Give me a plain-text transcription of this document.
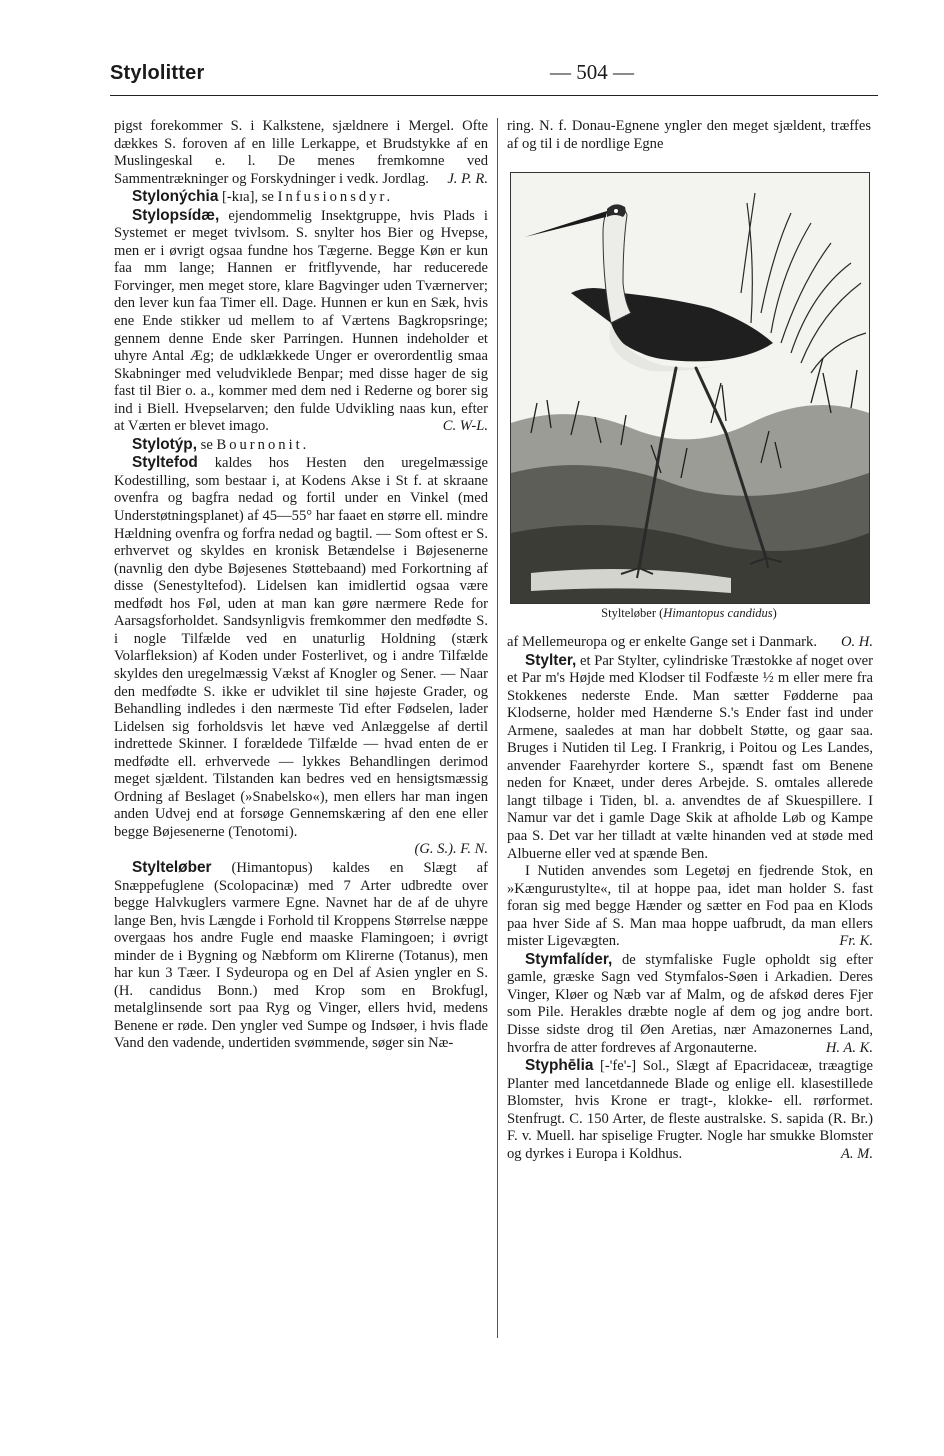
Stylolitter	— 504 —

pigst forekommer S. i Kalkstene, sjældnere i Mergel. Ofte dækkes S. foroven af en lille Lerkappe, et Brudstykke af en Muslingeskal e. l. De menes fremkomne ved Sammentrækninger og Forskydninger i vedk. Jordlag. J. P. R.

Stylonýchia [-kɪa], se Infusionsdyr.

Stylopsídæ, ejendommelig Insektgruppe, hvis Plads i Systemet er meget tvivlsom. S. snylter hos Bier og Hvepse, men er i øvrigt ogsaa fundne hos Tægerne. Begge Køn er kun faa mm lange; Hannen er fritflyvende, har reducerede Forvinger, men meget store, klare Bagvinger uden Tværnerver; den lever kun faa Timer ell. Dage. Hunnen er kun en Sæk, hvis ene Ende stikker ud mellem to af Værtens Bagkropsringe; gennem denne Ende sker Parringen. Hunnen indeholder et uhyre Antal Æg; de udklækkede Unger er overordentlig smaa Skabninger med veludviklede Benpar; med disse hager de sig fast til Bier o. a., kommer med dem ned i Rederne og borer sig ind i Biell. Hvepselarven; den fulde Udvikling naas kun, efter at Værten er blevet imago.	C. W-L.

Stylotýp, se Bournonit.

Styltefod kaldes hos Hesten den uregelmæssige Kodestilling, som bestaar i, at Kodens Akse i St f. at skraane ovenfra og bagfra nedad og fortil under en Vinkel (med Understøtningsplanet) af 45—55° har faaet en større ell. mindre Hældning ovenfra og forfra nedad og bagtil. — Som oftest er S. erhvervet og skyldes en kronisk Betændelse i Bøjesenerne (navnlig den dybe Bøjesenes Støttebaand) med Forkortning af disse (Senestyltefod). Lidelsen kan imidlertid ogsaa være medfødt hos Føl, uden at man kan gøre nærmere Rede for Aarsagsforholdet. Sandsynligvis fremkommer den medfødte S. i nogle Tilfælde ved en unaturlig Holdning (stærk Volarfleksion) af Koden under Fosterlivet, og i andre Tilfælde skyldes den uregelmæssig Vækst af Knogler og Sener. — Naar den medfødte S. ikke er udviklet til sine højeste Grader, og Behandling indledes i den nærmeste Tid efter Fødselen, lader Lidelsen sig forholdsvis let hæve ved Anlæggelse af dertil indrettede Skinner. I forældede Tilfælde — hvad enten de er medfødte ell. erhvervede — lykkes Behandlingen derimod meget sjældent. Tilstanden kan bedres ved en hensigtsmæssig Ordning af Beslaget (»Snabelsko«), men ellers har man ingen anden Udvej end at forsøge Gennemskæring af den ene eller begge Bøjesenerne (Tenotomi).

(G. S.). F. N.

Stylteløber (Himantopus) kaldes en Slægt af Snæppefuglene (Scolopacinæ) med 7 Arter udbredte over begge Halvkuglers varmere Egne. Navnet har de af de uhyre lange Ben, hvis Længde i Forhold til Kroppens Størrelse næppe overgaas hos andre Fugle end maaske Flamingoen; i øvrigt minder de i Bygning og Næbform om Klirerne (Totanus), men har kun 3 Tæer. I Sydeuropa og en Del af Asien yngler en S. (H. candidus Bonn.) med Krop som en Brokfugl, metalglinsende sort paa Ryg og Vinger, ellers hvid, medens Benene er røde. Den yngler ved Sumpe og Indsøer, i hvis flade Vand den vadende, undertiden svømmende, søger sin Næ-

ring. N. f. Donau-Egnene yngler den meget sjældent, træffes af og til i de nordlige Egne

Stylteløber (Himantopus candidus)

af Mellemeuropa og er enkelte Gange set i Danmark. O. H.

Stylter, et Par Stylter, cylindriske Træstokke af noget over et Par m's Højde med Klodser til Fodfæste ½ m eller mere fra Stokkenes nederste Ende. Man sætter Fødderne paa Klodserne, holder med Hænderne S.'s Ender fast ind under Armene, saaledes at man har dobbelt Støtte, og gaar saa. Bruges i Nutiden til Leg. I Frankrig, i Poitou og Les Landes, anvender Faarehyrder kortere S., spændt fast om Benene neden for Knæet, under deres Arbejde. S. omtales allerede langt tilbage i Tiden, bl. a. anvendtes de af Skuespillere. I Namur var det i gamle Dage Skik at afholde Løb og Kampe paa S. Det var her tilladt at vælte hinanden ved at støde med Albuerne eller ved at spænde Ben.

I Nutiden anvendes som Legetøj en fjedrende Stok, en »Kængurustylte«, til at hoppe paa, idet man holder S. fast foran sig med begge Hænder og sætter en Fod paa en Klods paa hver Side af S. Man maa hoppe uafbrudt, da man ellers mister Ligevægten.	Fr. K.

Stymfalíder, de stymfaliske Fugle opholdt sig efter gamle, græske Sagn ved Stymfalos-Søen i Arkadien. Deres Vinger, Kløer og Næb var af Malm, og de afskød deres Fjer som Pile. Herakles dræbte nogle af dem og jog andre bort. Disse sidste drog til Øen Aretias, nær Amazonernes Land, hvorfra de atter fordreves af Argonauterne.	H. A. K.

Styphēlia [-'fe'-] Sol., Slægt af Epacridaceæ, træagtige Planter med lancetdannede Blade og enlige ell. klasestillede Blomster, hvis Krone er tragt-, klokke- ell. rørformet. Stenfrugt. C. 150 Arter, de fleste australske. S. sapida (R. Br.) F. v. Muell. har spiselige Frugter. Nogle har smukke Blomster og dyrkes i Europa i Koldhus.	A. M.
